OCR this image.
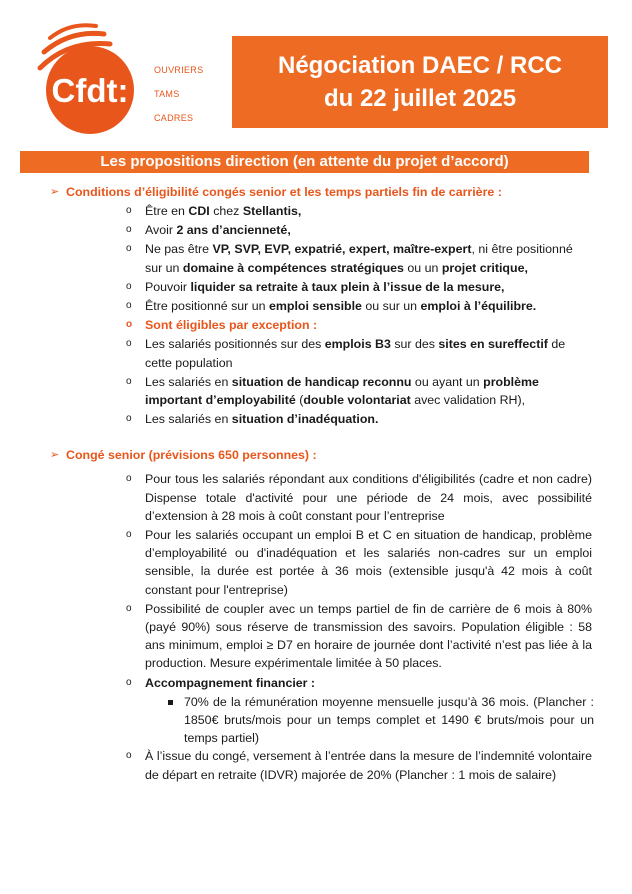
Cfdt:
OUVRIERS
TAMS
CADRES
Négociation DAEC / RCC
du 22 juillet 2025
Les propositions direction (en attente du projet d’accord)
➢ Conditions d’éligibilité congés senior et les temps partiels fin de carrière :
o Être en CDI chez Stellantis,
o Avoir 2 ans d’ancienneté,
o Ne pas être VP, SVP, EVP, expatrié, expert, maître-expert, ni être positionné sur un domaine à compétences stratégiques ou un projet critique,
o Pouvoir liquider sa retraite à taux plein à l’issue de la mesure,
o Être positionné sur un emploi sensible ou sur un emploi à l’équilibre.
o Sont éligibles par exception :
o Les salariés positionnés sur des emplois B3 sur des sites en sureffectif de cette population
o Les salariés en situation de handicap reconnu ou ayant un problème important d’employabilité (double volontariat avec validation RH),
o Les salariés en situation d’inadéquation.
➢ Congé senior (prévisions 650 personnes) :
o Pour tous les salariés répondant aux conditions d'éligibilités (cadre et non cadre) Dispense totale d'activité pour une période de 24 mois, avec possibilité d’extension à 28 mois à coût constant pour l’entreprise
o Pour les salariés occupant un emploi B et C en situation de handicap, problème d’employabilité ou d'inadéquation et les salariés non-cadres sur un emploi sensible, la durée est portée à 36 mois (extensible jusqu'à 42 mois à coût constant pour l'entreprise)
o Possibilité de coupler avec un temps partiel de fin de carrière de 6 mois à 80% (payé 90%) sous réserve de transmission des savoirs. Population éligible : 58 ans minimum, emploi ≥ D7 en horaire de journée dont l’activité n’est pas liée à la production. Mesure expérimentale limitée à 50 places.
o Accompagnement financier :
70% de la rémunération moyenne mensuelle jusqu’à 36 mois. (Plancher : 1850€ bruts/mois pour un temps complet et 1490 € bruts/mois pour un temps partiel)
o À l’issue du congé, versement à l’entrée dans la mesure de l’indemnité volontaire de départ en retraite (IDVR) majorée de 20% (Plancher : 1 mois de salaire)
